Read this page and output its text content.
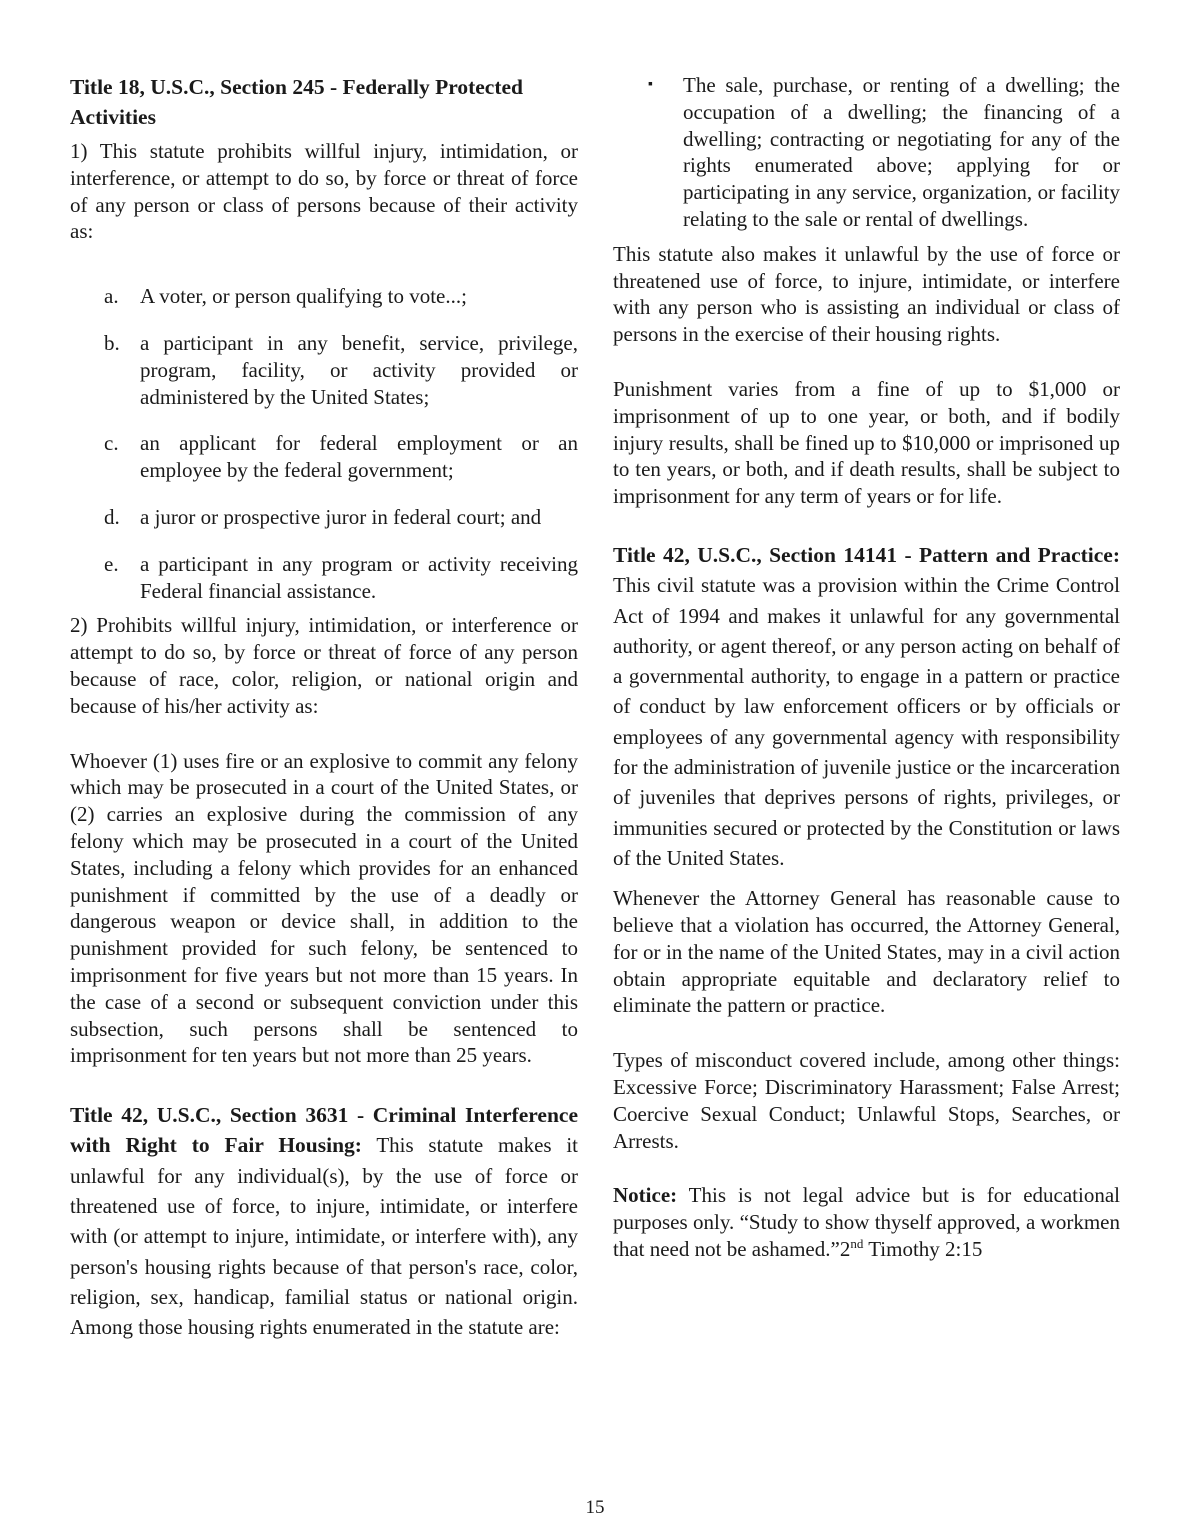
Title 18, U.S.C., Section 245 - Federally Protected Activities

1) This statute prohibits willful injury, intimidation, or interference, or attempt to do so, by force or threat of force of any person or class of persons because of their activity as:

a. A voter, or person qualifying to vote...;
b. a participant in any benefit, service, privilege, program, facility, or activity provided or administered by the United States;
c. an applicant for federal employment or an employee by the federal government;
d. a juror or prospective juror in federal court; and
e. a participant in any program or activity receiving Federal financial assistance.

2) Prohibits willful injury, intimidation, or interference or attempt to do so, by force or threat of force of any person because of race, color, religion, or national origin and because of his/her activity as:

Whoever (1) uses fire or an explosive to commit any felony which may be prosecuted in a court of the United States, or (2) carries an explosive during the commission of any felony which may be prosecuted in a court of the United States, including a felony which provides for an enhanced punishment if committed by the use of a deadly or dangerous weapon or device shall, in addition to the punishment provided for such felony, be sentenced to imprisonment for five years but not more than 15 years. In the case of a second or subsequent conviction under this subsection, such persons shall be sentenced to imprisonment for ten years but not more than 25 years.

Title 42, U.S.C., Section 3631 - Criminal Interference with Right to Fair Housing: This statute makes it unlawful for any individual(s), by the use of force or threatened use of force, to injure, intimidate, or interfere with (or attempt to injure, intimidate, or interfere with), any person's housing rights because of that person's race, color, religion, sex, handicap, familial status or national origin. Among those housing rights enumerated in the statute are:
▪ The sale, purchase, or renting of a dwelling; the occupation of a dwelling; the financing of a dwelling; contracting or negotiating for any of the rights enumerated above; applying for or participating in any service, organization, or facility relating to the sale or rental of dwellings.

This statute also makes it unlawful by the use of force or threatened use of force, to injure, intimidate, or interfere with any person who is assisting an individual or class of persons in the exercise of their housing rights.

Punishment varies from a fine of up to $1,000 or imprisonment of up to one year, or both, and if bodily injury results, shall be fined up to $10,000 or imprisoned up to ten years, or both, and if death results, shall be subject to imprisonment for any term of years or for life.

Title 42, U.S.C., Section 14141 - Pattern and Practice: This civil statute was a provision within the Crime Control Act of 1994 and makes it unlawful for any governmental authority, or agent thereof, or any person acting on behalf of a governmental authority, to engage in a pattern or practice of conduct by law enforcement officers or by officials or employees of any governmental agency with responsibility for the administration of juvenile justice or the incarceration of juveniles that deprives persons of rights, privileges, or immunities secured or protected by the Constitution or laws of the United States.

Whenever the Attorney General has reasonable cause to believe that a violation has occurred, the Attorney General, for or in the name of the United States, may in a civil action obtain appropriate equitable and declaratory relief to eliminate the pattern or practice.

Types of misconduct covered include, among other things: Excessive Force; Discriminatory Harassment; False Arrest; Coercive Sexual Conduct; Unlawful Stops, Searches, or Arrests.

Notice: This is not legal advice but is for educational purposes only. “Study to show thyself approved, a workmen that need not be ashamed.”2nd Timothy 2:15

15
